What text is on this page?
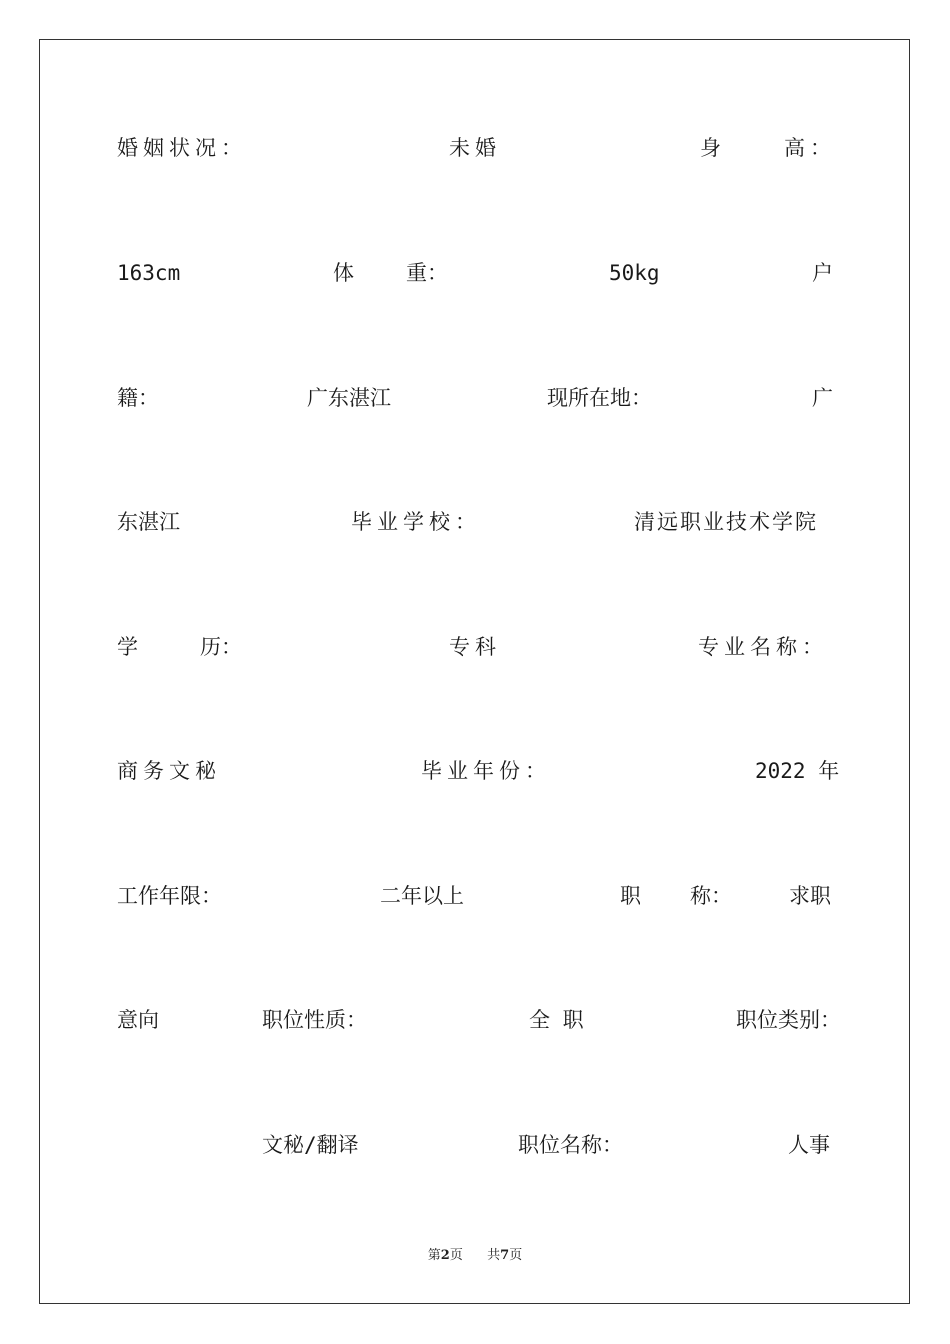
婚姻状况：	未婚	身	高：
163cm	体 重：	50kg	户
籍：	广东湛江	现所在地：	广
东湛江	毕业学校：	清远职业技术学院
学	历：	专科	专业名称：
商务文秘	毕业年份：	2022 年
工作年限：	二年以上	职 称：	求职
意向	职位性质：	全 职	职位类别：
文秘/翻译	职位名称：	人事
第2页 共7页
